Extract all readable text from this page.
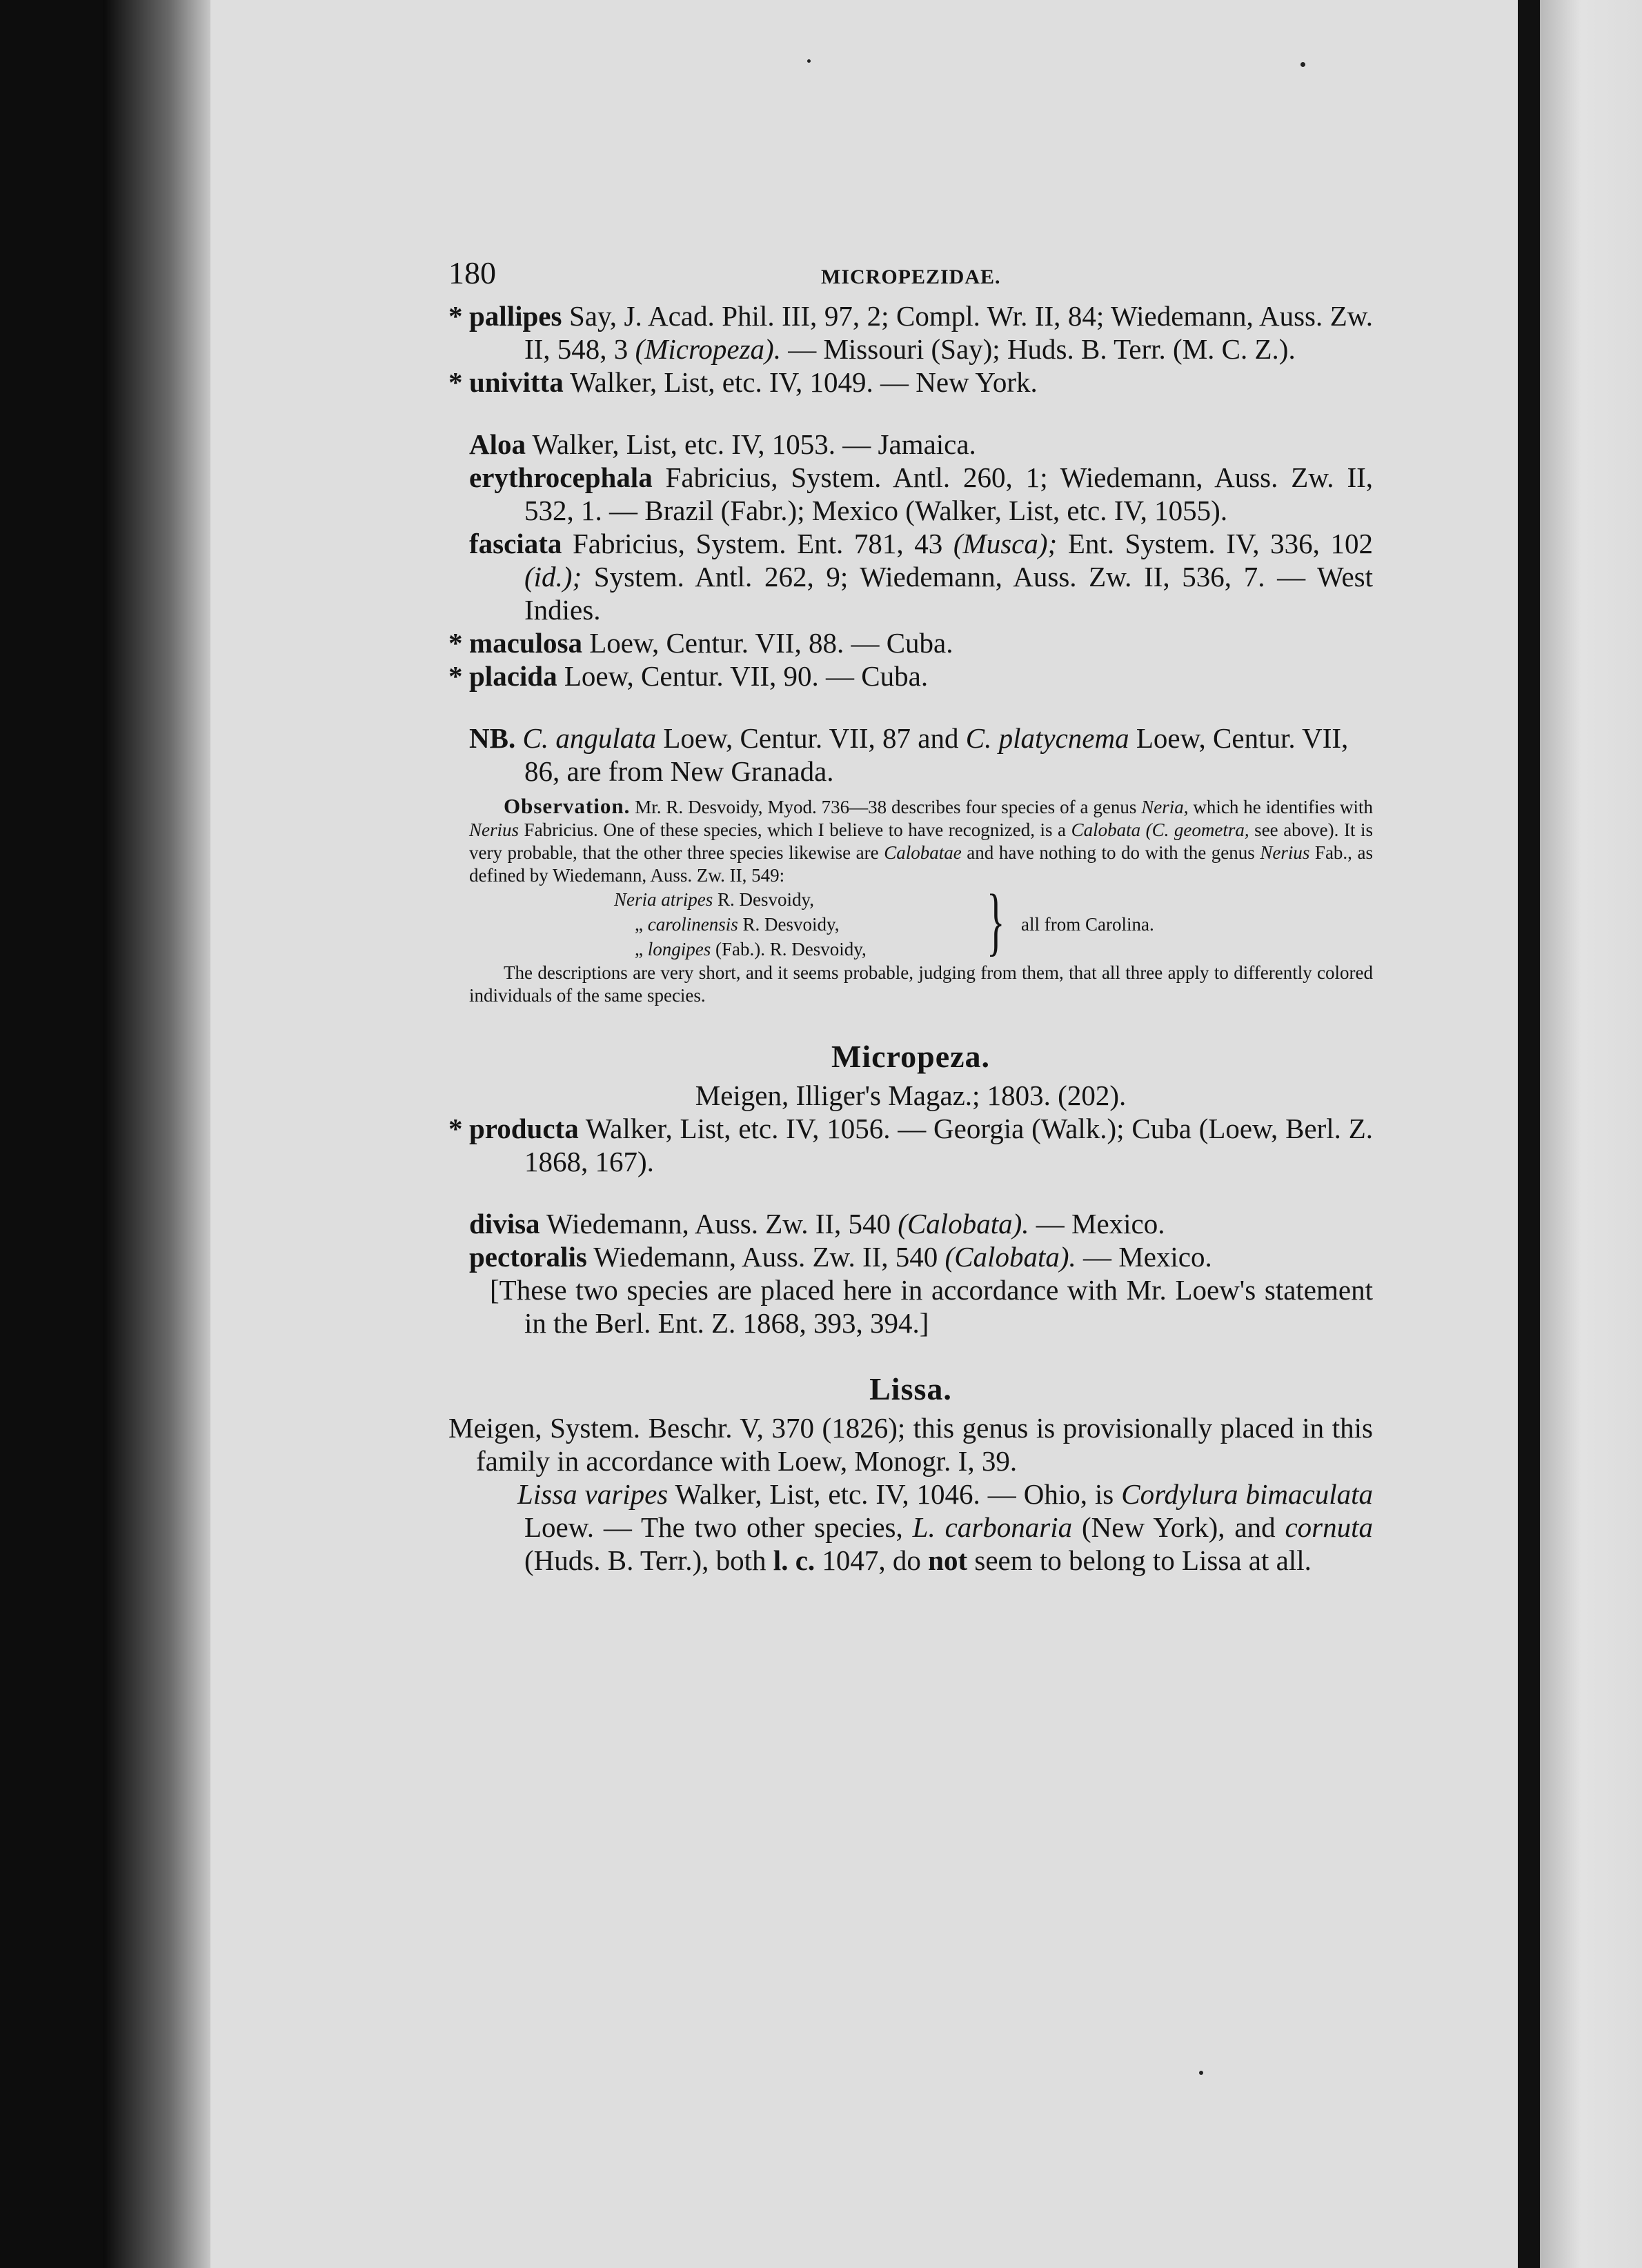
180	MICROPEZIDAE.

* pallipes Say, J. Acad. Phil. III, 97, 2; Compl. Wr. II, 84; Wiedemann, Auss. Zw. II, 548, 3 (Micropeza). — Missouri (Say); Huds. B. Terr. (M. C. Z.).

* univitta Walker, List, etc. IV, 1049. — New York.

Aloa Walker, List, etc. IV, 1053. — Jamaica.

erythrocephala Fabricius, System. Antl. 260, 1; Wiedemann, Auss. Zw. II, 532, 1. — Brazil (Fabr.); Mexico (Walker, List, etc. IV, 1055).

fasciata Fabricius, System. Ent. 781, 43 (Musca); Ent. System. IV, 336, 102 (id.); System. Antl. 262, 9; Wiedemann, Auss. Zw. II, 536, 7. — West Indies.

* maculosa Loew, Centur. VII, 88. — Cuba.

* placida Loew, Centur. VII, 90. — Cuba.

NB. C. angulata Loew, Centur. VII, 87 and C. platycnema Loew, Centur. VII, 86, are from New Granada.

Observation. Mr. R. Desvoidy, Myod. 736—38 describes four species of a genus Neria, which he identifies with Nerius Fabricius. One of these species, which I believe to have recognized, is a Calobata (C. geometra, see above). It is very probable, that the other three species likewise are Calobatae and have nothing to do with the genus Nerius Fab., as defined by Wiedemann, Auss. Zw. II, 549:

Neria atripes R. Desvoidy,
„ carolinensis R. Desvoidy,
„ longipes (Fab.). R. Desvoidy, } all from Carolina.

The descriptions are very short, and it seems probable, judging from them, that all three apply to differently colored individuals of the same species.

Micropeza.

Meigen, Illiger's Magaz.; 1803. (202).

* producta Walker, List, etc. IV, 1056. — Georgia (Walk.); Cuba (Loew, Berl. Z. 1868, 167).

divisa Wiedemann, Auss. Zw. II, 540 (Calobata). — Mexico.

pectoralis Wiedemann, Auss. Zw. II, 540 (Calobata). — Mexico.

[These two species are placed here in accordance with Mr. Loew's statement in the Berl. Ent. Z. 1868, 393, 394.]

Lissa.

Meigen, System. Beschr. V, 370 (1826); this genus is provisionally placed in this family in accordance with Loew, Monogr. I, 39.

Lissa varipes Walker, List, etc. IV, 1046. — Ohio, is Cordylura bimaculata Loew. — The two other species, L. carbonaria (New York), and cornuta (Huds. B. Terr.), both l. c. 1047, do not seem to belong to Lissa at all.
